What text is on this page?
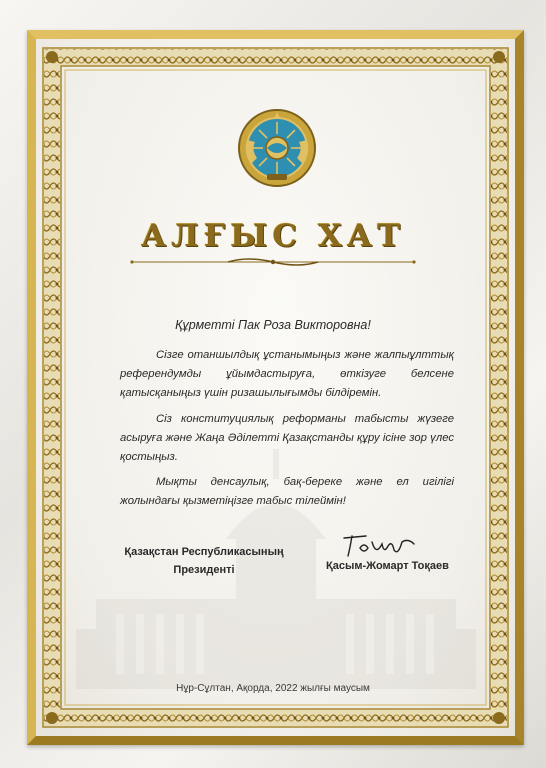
АЛҒЫС ХАТ
Құрметті Пак Роза Викторовна!

Сізге отаншылдық ұстанымыңыз және жалпыұлттық референдумды ұйымдастыруға, өткізуге белсене қатысқаныңыз үшін ризашылығымды білдіремін.

Сіз конституциялық реформаны табысты жүзеге асыруға және Жаңа Әділетті Қазақстанды құру ісіне зор үлес қостыңыз.

Мықты денсаулық, бақ-береке және ел игілігі жолындағы қызметіңізге табыс тілеймін!

Қазақстан Республикасының
Президенті	Қасым-Жомарт Тоқаев
Нұр-Сұлтан, Ақорда, 2022 жылғы маусым
